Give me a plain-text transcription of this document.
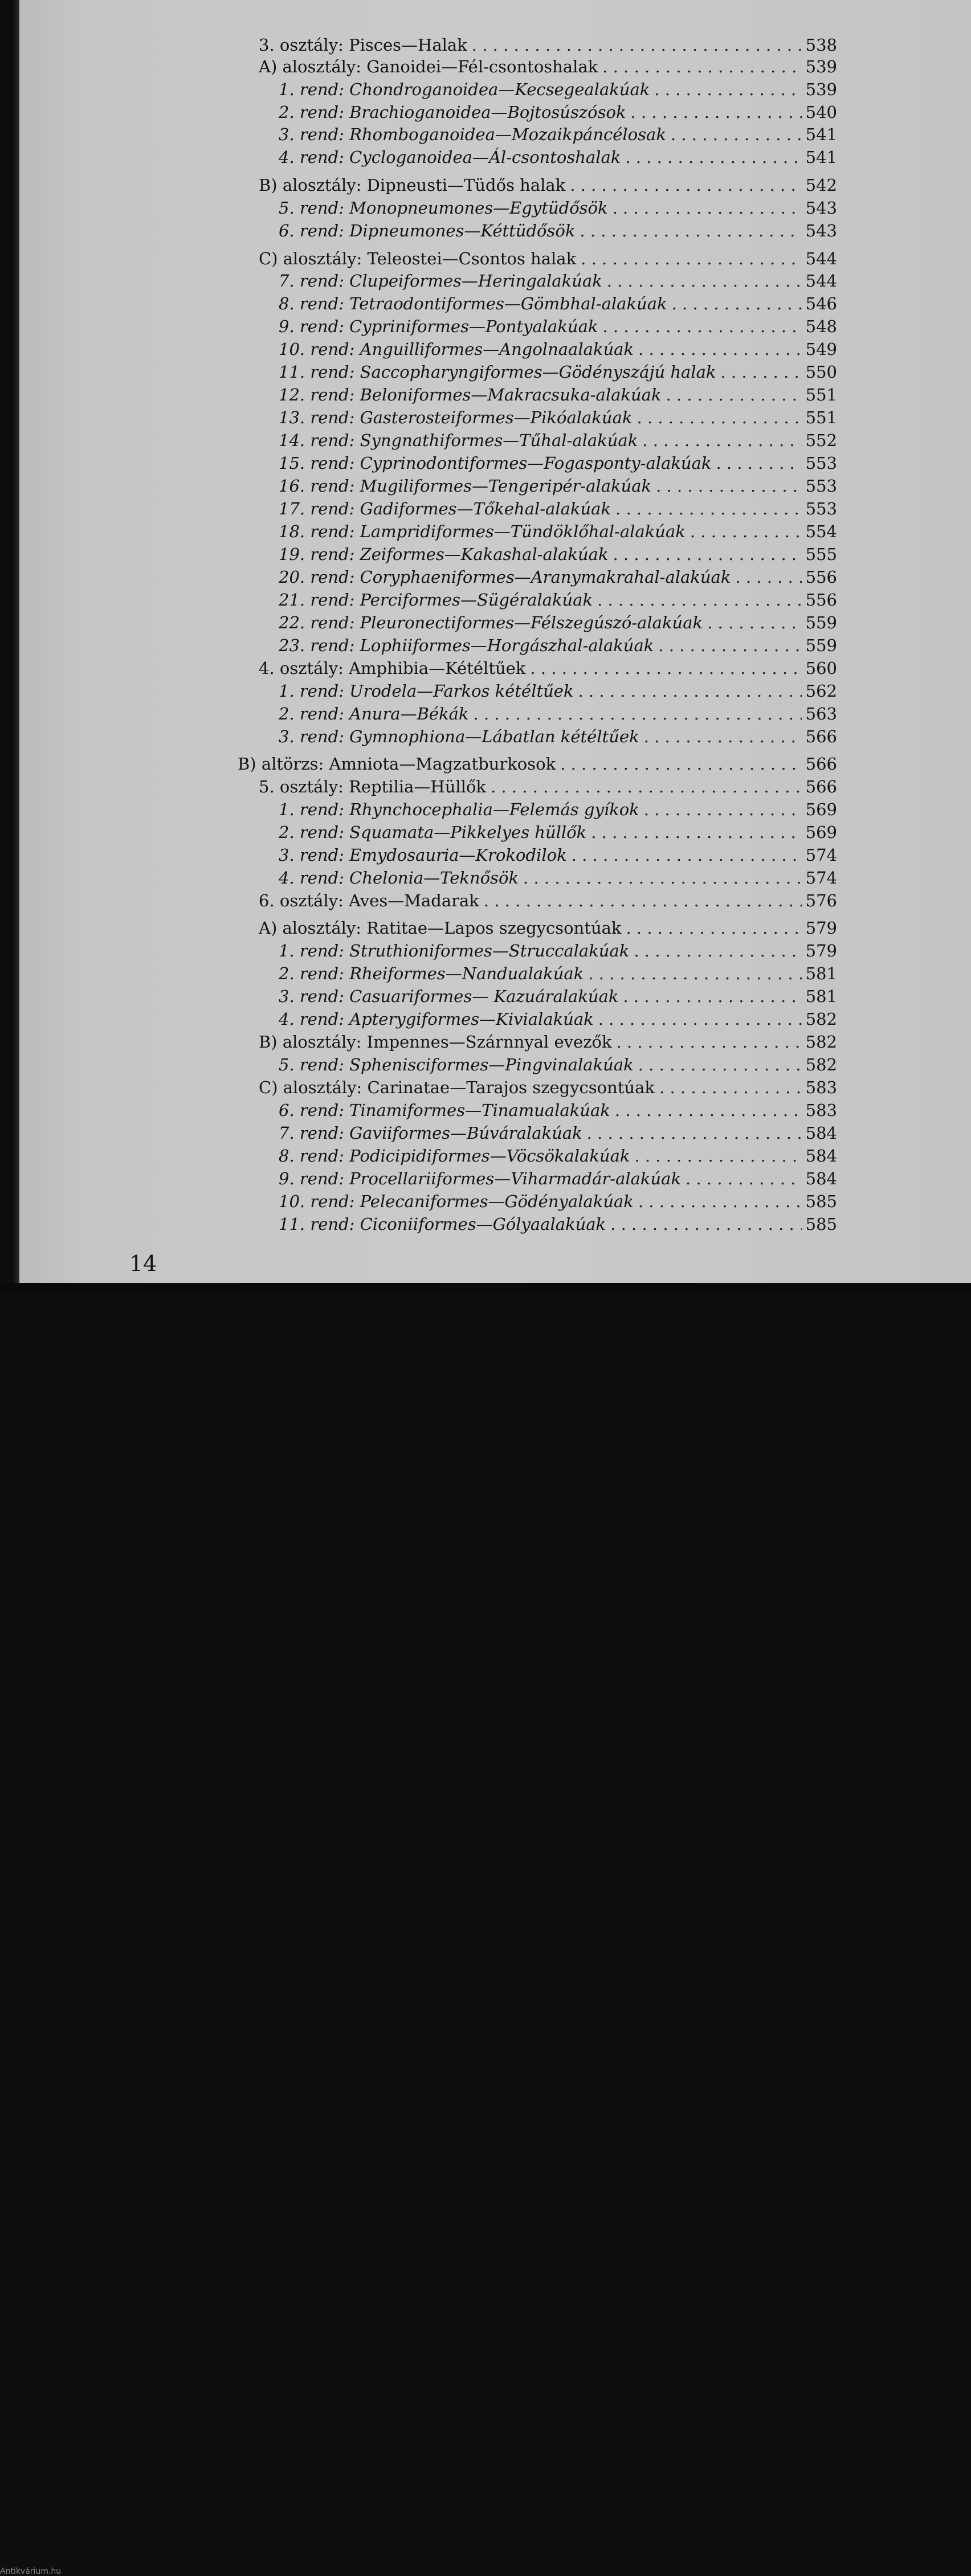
3. osztály: Pisces—Halak . . .	538
A) alosztály: Ganoidei—Fél-csontoshalak . . .	539
1. rend: Chondroganoidea—Kecsegealakúak . . .	539
2. rend: Brachioganoidea—Bojtosúszósok . . .	540
3. rend: Rhomboganoidea—Mozaikpáncélosak . . .	541
4. rend: Cycloganoidea—Ál-csontoshalak . . .	541
B) alosztály: Dipneusti—Tüdős halak . . .	542
5. rend: Monopneumones—Egytüdősök . . .	543
6. rend: Dipneumones—Kéttüdősök . . .	543
C) alosztály: Teleostei—Csontos halak . . .	544
7. rend: Clupeiformes—Heringalakúak . . .	544
8. rend: Tetraodontiformes—Gömbhal-alakúak . . .	546
9. rend: Cypriniformes—Pontyalakúak . . .	548
10. rend: Anguilliformes—Angolnaalakúak . . .	549
11. rend: Saccopharyngiformes—Gödényszájú halak . . .	550
12. rend: Beloniformes—Makracsuka-alakúak . . .	551
13. rend: Gasterosteiformes—Pikóalakúak . . .	551
14. rend: Syngnathiformes—Tűhal-alakúak . . .	552
15. rend: Cyprinodontiformes—Fogasponty-alakúak . . .	553
16. rend: Mugiliformes—Tengeripér-alakúak . . .	553
17. rend: Gadiformes—Tőkehal-alakúak . . .	553
18. rend: Lampridiformes—Tündöklőhal-alakúak . . .	554
19. rend: Zeiformes—Kakashal-alakúak . . .	555
20. rend: Coryphaeniformes—Aranymakrahal-alakúak . . .	556
21. rend: Perciformes—Sügéralakúak . . .	556
22. rend: Pleuronectiformes—Félszegúszó-alakúak . . .	559
23. rend: Lophiiformes—Horgászhal-alakúak . . .	559
4. osztály: Amphibia—Kétéltűek . . .	560
1. rend: Urodela—Farkos kétéltűek . . .	562
2. rend: Anura—Békák . . .	563
3. rend: Gymnophiona—Lábatlan kétéltűek . . .	566
B) altörzs: Amniota—Magzatburkosok . . .	566
5. osztály: Reptilia—Hüllők . . .	566
1. rend: Rhynchocephalia—Felemás gyíkok . . .	569
2. rend: Squamata—Pikkelyes hüllők . . .	569
3. rend: Emydosauria—Krokodilok . . .	574
4. rend: Chelonia—Teknősök . . .	574
6. osztály: Aves—Madarak . . .	576
A) alosztály: Ratitae—Lapos szegycsontúak . . .	579
1. rend: Struthioniformes—Struccalakúak . . .	579
2. rend: Rheiformes—Nandualakúak . . .	581
3. rend: Casuariformes— Kazuáralakúak . . .	581
4. rend: Apterygiformes—Kivialakúak . . .	582
B) alosztály: Impennes—Szárnnyal evezők . . .	582
5. rend: Sphenisciformes—Pingvinalakúak . . .	582
C) alosztály: Carinatae—Tarajos szegycsontúak . . .	583
6. rend: Tinamiformes—Tinamualakúak . . .	583
7. rend: Gaviiformes—Búváralakúak . . .	584
8. rend: Podicipidiformes—Vöcsökalakúak . . .	584
9. rend: Procellariiformes—Viharmadár-alakúak . . .	584
10. rend: Pelecaniformes—Gödényalakúak . . .	585
11. rend: Ciconiiformes—Gólyaalakúak . . .	585
14
Antikvárium.hu
